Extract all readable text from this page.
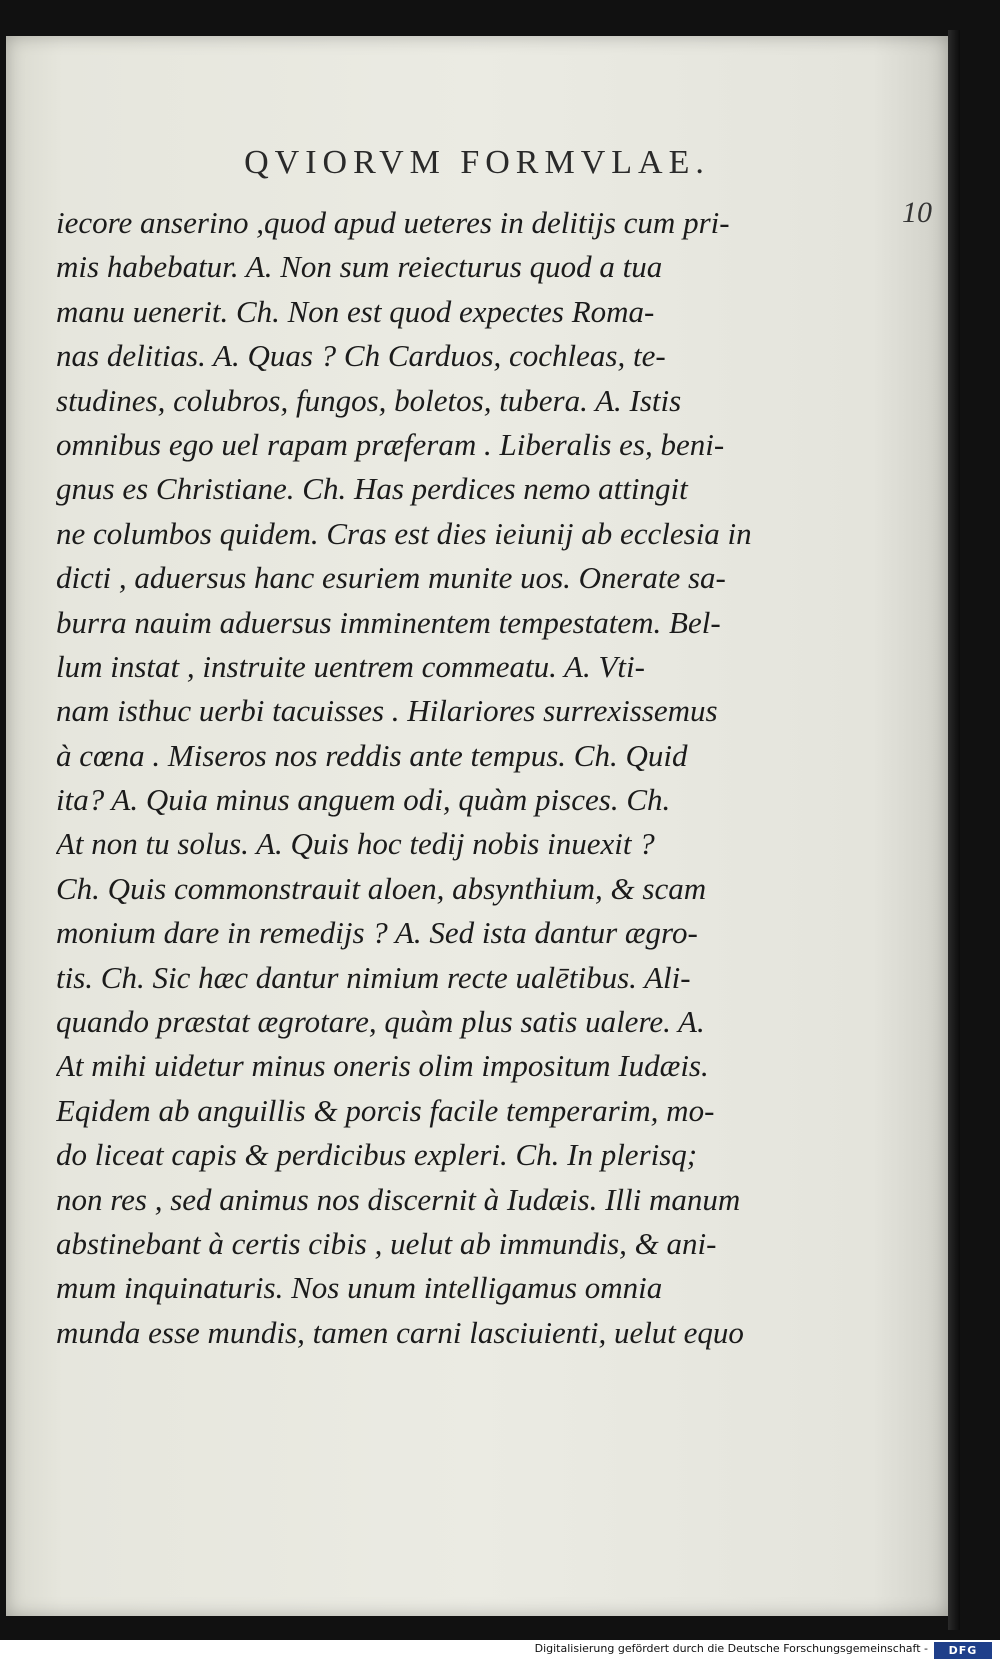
QVIORVM FORMVLAE.
10
iecore anserino ,quod apud ueteres in delitijs cum pri-
mis habebatur. A. Non sum reiecturus quod a tua
manu uenerit. Ch. Non est quod expectes Roma-
nas delitias. A. Quas ? Ch Carduos, cochleas, te-
studines, colubros, fungos, boletos, tubera. A. Istis
omnibus ego uel rapam præferam . Liberalis es, beni-
gnus es Christiane. Ch. Has perdices nemo attingit
ne columbos quidem. Cras est dies ieiunij ab ecclesia in
dicti , aduersus hanc esuriem munite uos. Onerate sa-
burra nauim aduersus imminentem tempestatem. Bel-
lum instat , instruite uentrem commeatu. A. Vti-
nam isthuc uerbi tacuisses . Hilariores surrexissemus
à cœna . Miseros nos reddis ante tempus. Ch. Quid
ita? A. Quia minus anguem odi, quàm pisces. Ch.
At non tu solus. A. Quis hoc tedij nobis inuexit ?
Ch. Quis commonstrauit aloen, absynthium, & scam
monium dare in remedijs ? A. Sed ista dantur ægro-
tis. Ch. Sic hæc dantur nimium recte ualētibus. Ali-
quando præstat ægrotare, quàm plus satis ualere. A.
At mihi uidetur minus oneris olim impositum Iudæis.
Eqidem ab anguillis & porcis facile temperarim, mo-
do liceat capis & perdicibus expleri. Ch. In plerisq;
non res , sed animus nos discernit à Iudæis. Illi manum
abstinebant à certis cibis , uelut ab immundis, & ani-
mum inquinaturis. Nos unum intelligamus omnia
munda esse mundis, tamen carni lasciuienti, uelut equo
Digitalisierung gefördert durch die Deutsche Forschungsgemeinschaft -	DFG
